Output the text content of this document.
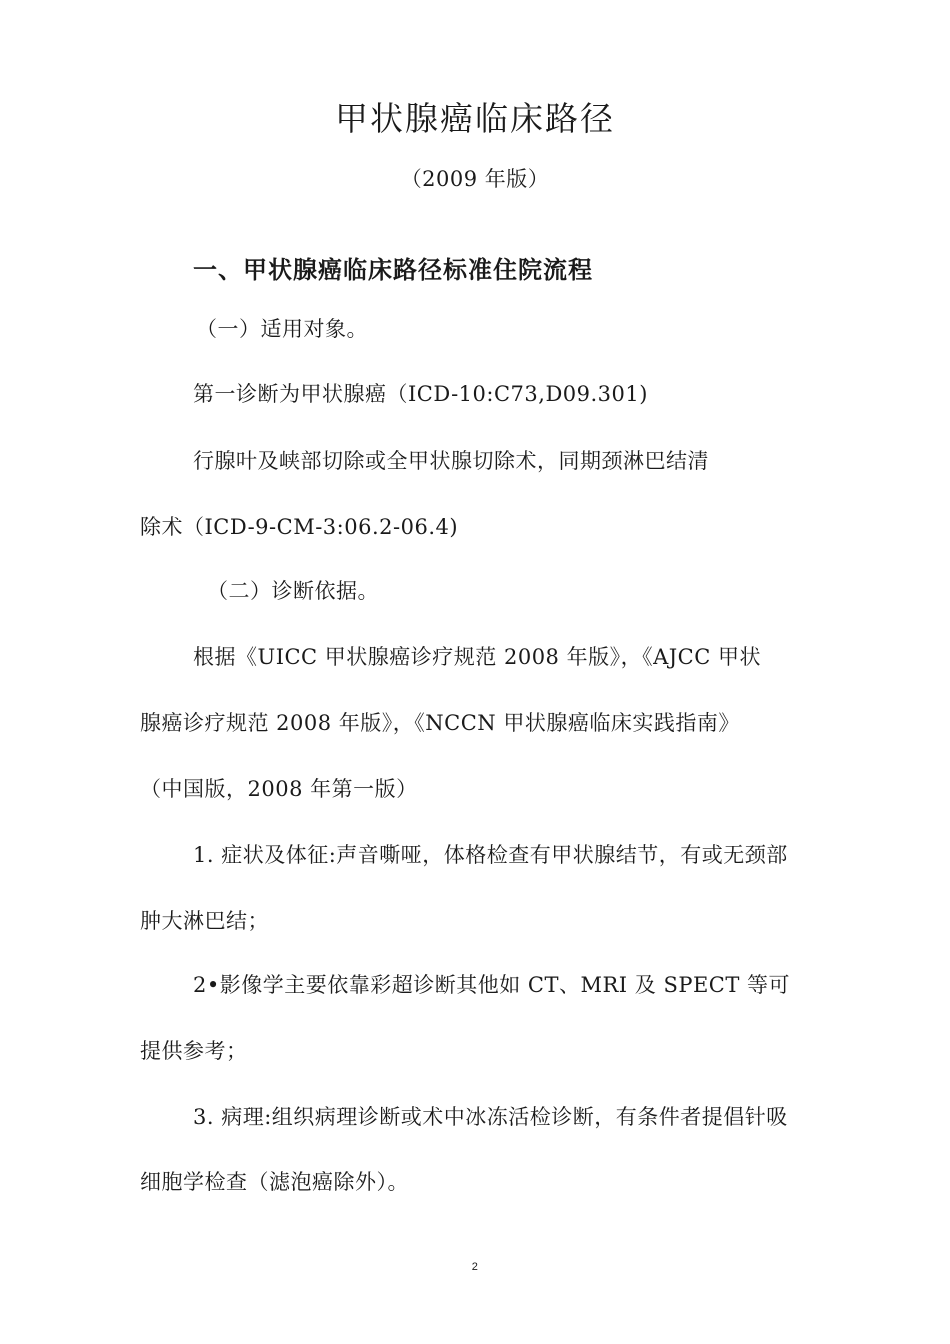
甲状腺癌临床路径
（2009 年版）
一、甲状腺癌临床路径标准住院流程
（一）适用对象。
第一诊断为甲状腺癌（ICD-10:C73,D09.301)
行腺叶及峡部切除或全甲状腺切除术，同期颈淋巴结清
除术（ICD-9-CM-3:06.2-06.4)
（二）诊断依据。
根据《UICC 甲状腺癌诊疗规范 2008 年版》，《AJCC 甲状
腺癌诊疗规范 2008 年版》，《NCCN 甲状腺癌临床实践指南》
（中国版，2008 年第一版）
1. 症状及体征:声音嘶哑，体格检查有甲状腺结节，有或无颈部
肿大淋巴结；
2•影像学主要依靠彩超诊断其他如 CT、MRI 及 SPECT 等可
提供参考；
3. 病理:组织病理诊断或术中冰冻活检诊断，有条件者提倡针吸
细胞学检查（滤泡癌除外）。
2
